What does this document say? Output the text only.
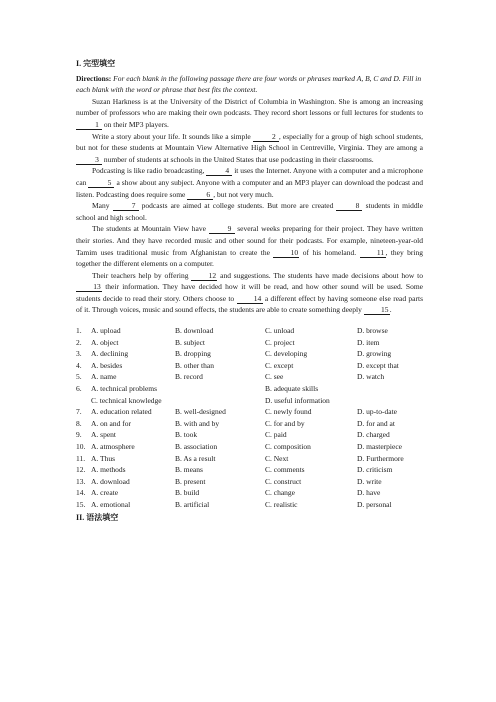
I. 完型填空

Directions: For each blank in the following passage there are four words or phrases marked A, B, C and D. Fill in each blank with the word or phrase that best fits the context.

Suzan Harkness is at the University of the District of Columbia in Washington. She is among an increasing number of professors who are making their own podcasts. They record short lessons or full lectures for students to 1 on their MP3 players.

Write a story about your life. It sounds like a simple	2 , especially for a group of high school students, but not for these students at Mountain View Alternative High School in Centreville, Virginia. They are among a 3 number of students at schools in the United States that use podcasting in their classrooms.

Podcasting is like radio broadcasting,	4 it uses the Internet. Anyone with a computer and a microphone can	5 a show about any subject. Anyone with a computer and an MP3 player can download the podcast and listen. Podcasting does require some	6 , but not very much.

Many	7 podcasts are aimed at college students. But more are created	8 students in middle school and high school.

The students at Mountain View have	9 several weeks preparing for their project. They have written their stories. And they have recorded music and other sound for their podcasts. For example, nineteen-year-old Tamim uses traditional music from Afghanistan to create the 10 of his homeland. 11, they bring together the different elements on a computer.

Their teachers help by offering 12 and suggestions. The students have made decisions about how to 13 their information. They have decided how it will be read, and how other sound will be used. Some students decide to read their story. Others choose to 14 a different effect by having someone else read parts of it. Through voices, music and sound effects, the students are able to create something deeply 15.

1.	A. upload	B. download	C. unload	D. browse
2.	A. object	B. subject	C. project	D. item
3.	A. declining	B. dropping	C. developing	D. growing
4.	A. besides	B. other than	C. except	D. except that
5.	A. name	B. record	C. see	D. watch
6.	A. technical problems	B. adequate skills
C. technical knowledge	D. useful information
7.	A. education related	B. well-designed	C. newly found	D. up-to-date
8.	A. on and for	B. with and by	C. for and by	D. for and at
9.	A. spent	B. took	C. paid	D. charged
10. A. atmosphere	B. association	C. composition	D. masterpiece
11. A. Thus	B. As a result	C. Next	D. Furthermore
12. A. methods	B. means	C. comments	D. criticism
13. A. download	B. present	C. construct	D. write
14. A. create	B. build	C. change	D. have
15. A. emotional	B. artificial	C. realistic	D. personal
II. 语法填空
